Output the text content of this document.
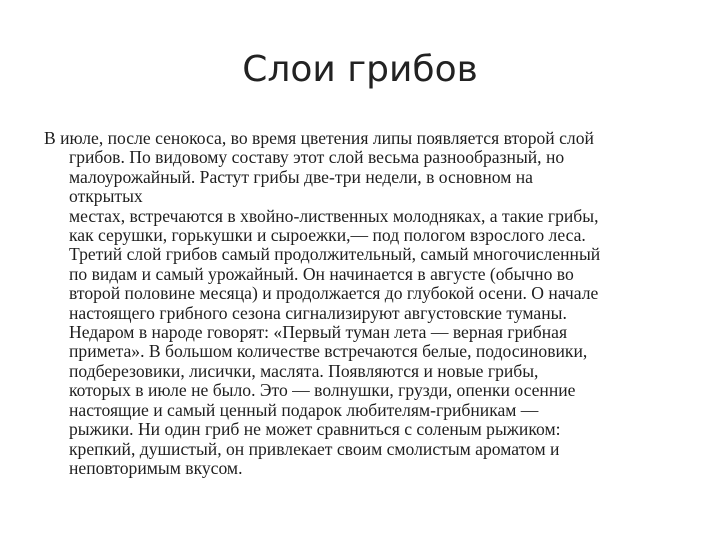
Слои грибов
В июле, после сенокоса, во время цветения липы появляется второй слой
грибов. По видовому составу этот слой весьма разнообразный, но
малоурожайный. Растут грибы две-три недели, в основном на
открытых
местах, встречаются в хвойно-лиственных молодняках, а такие грибы,
как серушки, горькушки и сыроежки,— под пологом взрослого леса.
Третий слой грибов самый продолжительный, самый многочисленный
по видам и самый урожайный. Он начинается в августе (обычно во
второй половине месяца) и продолжается до глубокой осени. О начале
настоящего грибного сезона сигнализируют августовские туманы.
Недаром в народе говорят: «Первый туман лета — верная грибная
примета». В большом количестве встречаются белые, подосиновики,
подберезовики, лисички, маслята. Появляются и новые грибы,
которых в июле не было. Это — волнушки, грузди, опенки осенние
настоящие и самый ценный подарок любителям-грибникам —
рыжики. Ни один гриб не может сравниться с соленым рыжиком:
крепкий, душистый, он привлекает своим смолистым ароматом и
неповторимым вкусом.
